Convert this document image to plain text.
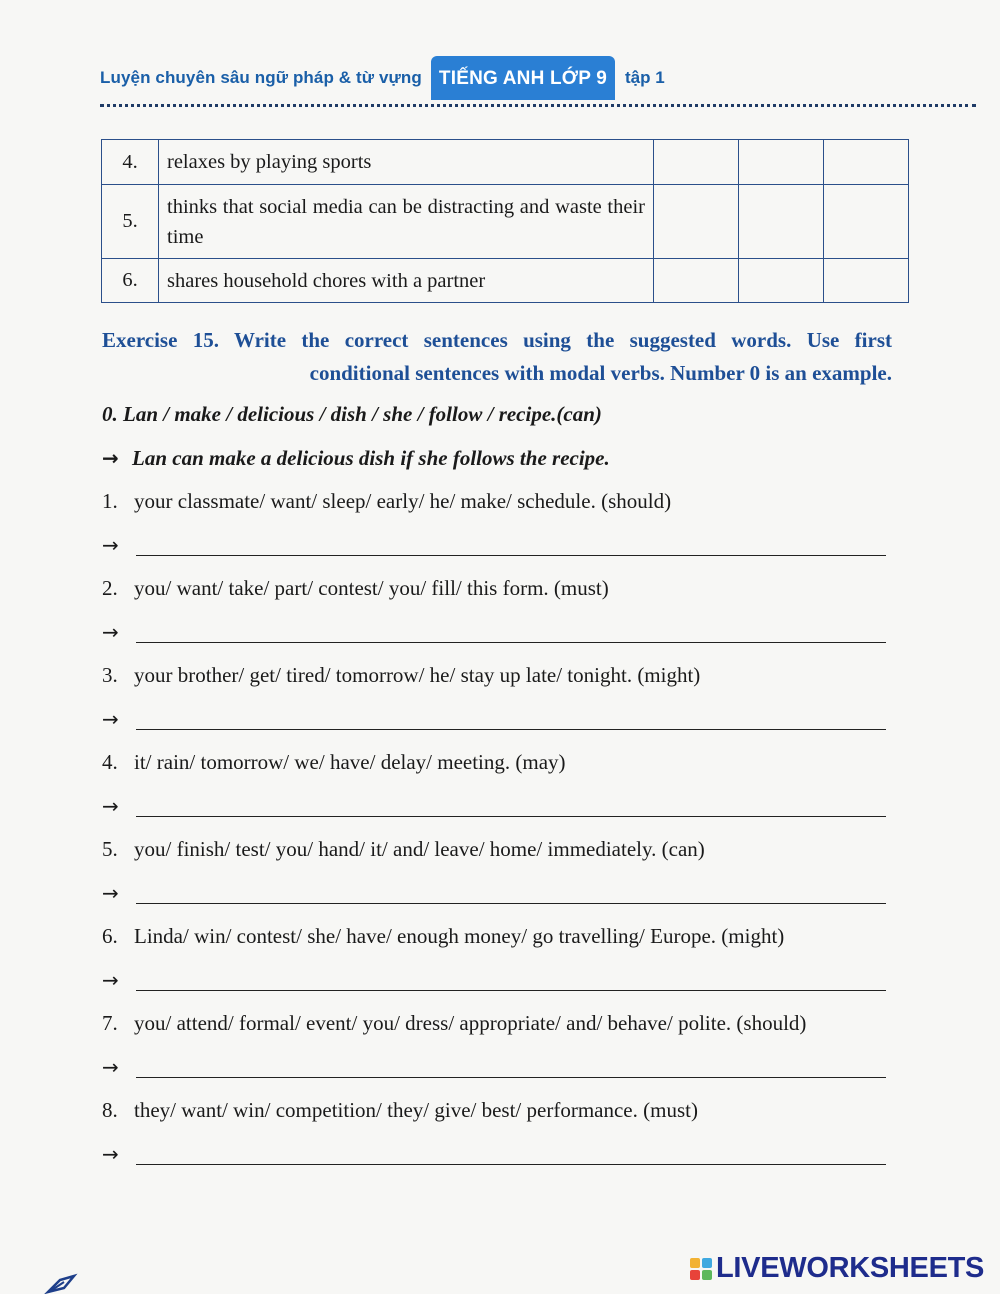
Luyện chuyên sâu ngữ pháp & từ vựng TIẾNG ANH LỚP 9	tập 1
4.	relaxes by playing sports			
5.	thinks that social media can be distracting and waste their time			
6.	shares household chores with a partner			
Exercise 15. Write the correct sentences using the suggested words. Use first
conditional sentences with modal verbs. Number 0 is an example.
0. Lan / make / delicious / dish / she / follow / recipe.(can)
→ Lan can make a delicious dish if she follows the recipe.
1. your classmate/ want/ sleep/ early/ he/ make/ schedule. (should)
→
2. you/ want/ take/ part/ contest/ you/ fill/ this form. (must)
→
3. your brother/ get/ tired/ tomorrow/ he/ stay up late/ tonight. (might)
→
4. it/ rain/ tomorrow/ we/ have/ delay/ meeting. (may)
→
5. you/ finish/ test/ you/ hand/ it/ and/ leave/ home/ immediately. (can)
→
6. Linda/ win/ contest/ she/ have/ enough money/ go travelling/ Europe. (might)
→
7. you/ attend/ formal/ event/ you/ dress/ appropriate/ and/ behave/ polite. (should)
→
8. they/ want/ win/ competition/ they/ give/ best/ performance. (must)
→
LIVEWORKSHEETS
